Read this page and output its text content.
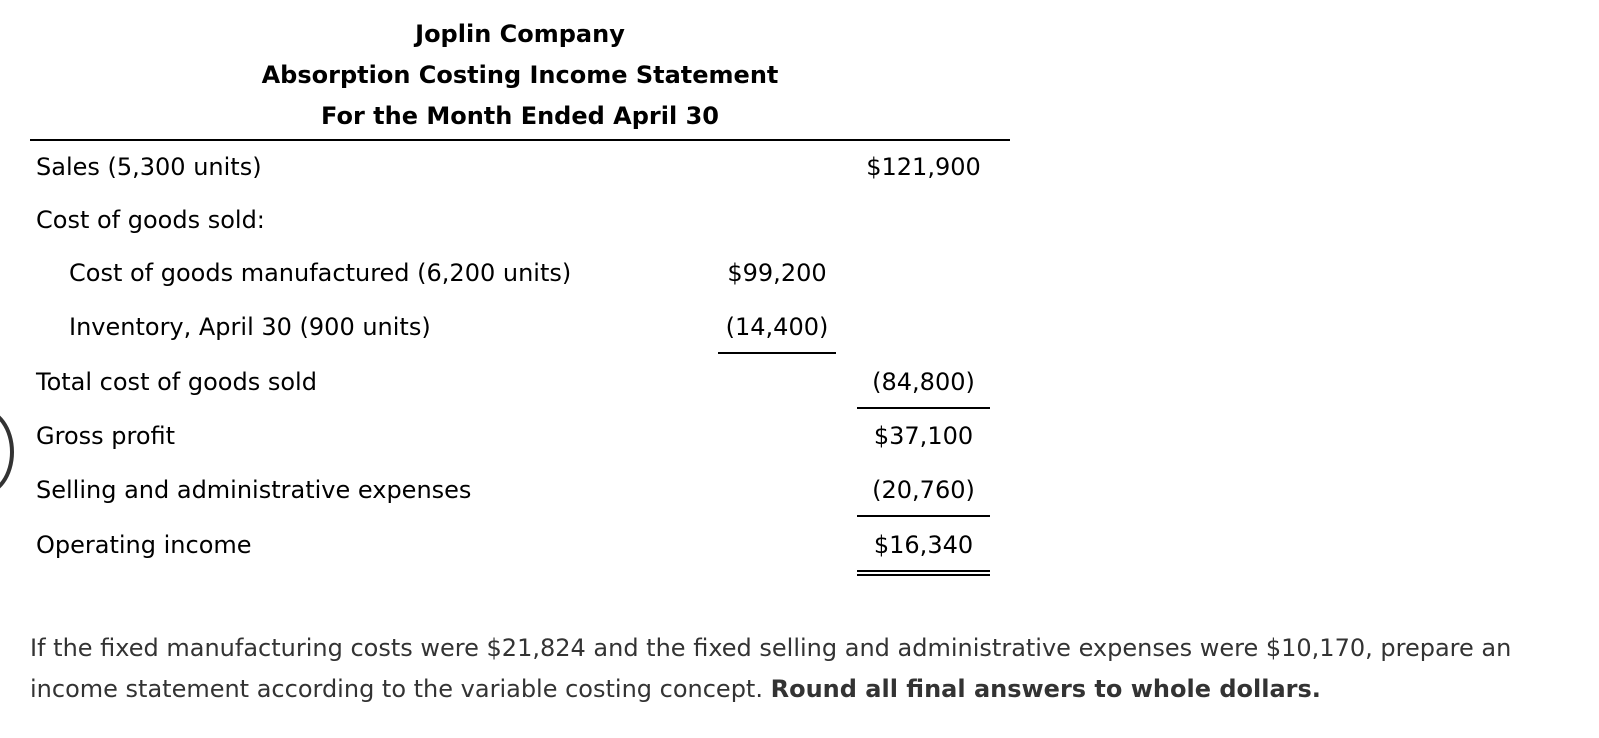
Joplin Company
Absorption Costing Income Statement
For the Month Ended April 30
Sales (5,300 units)	$121,900
Cost of goods sold:
Cost of goods manufactured (6,200 units)	$99,200
Inventory, April 30 (900 units)	(14,400)
Total cost of goods sold	(84,800)
Gross profit	$37,100
Selling and administrative expenses	(20,760)
Operating income	$16,340
If the fixed manufacturing costs were $21,824 and the fixed selling and administrative expenses were $10,170, prepare an income statement according to the variable costing concept. Round all final answers to whole dollars.
